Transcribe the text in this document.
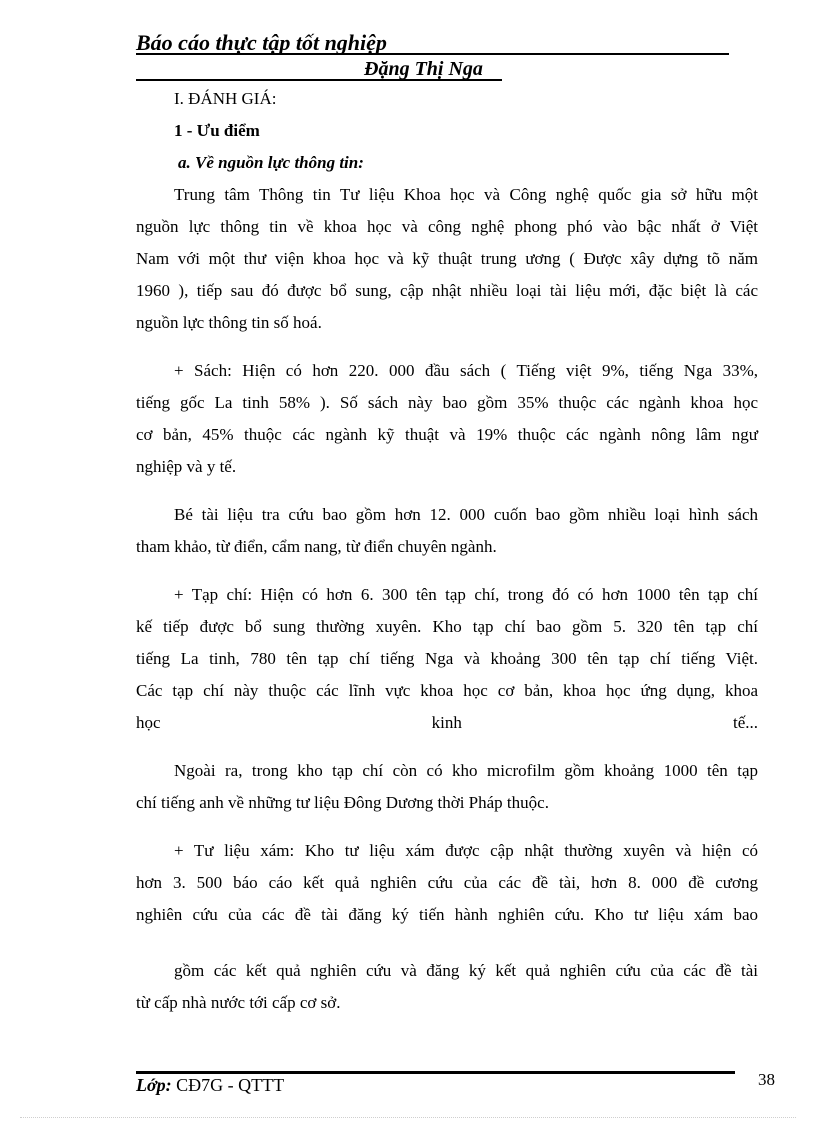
Báo cáo thực tập tốt nghiệp
Đặng Thị Nga
I. ĐÁNH GIÁ:
1 - Ưu điểm
a. Về nguồn lực thông tin:
Trung tâm Thông tin Tư liệu Khoa học và Công nghệ quốc gia sở hữu một
nguồn lực thông tin về khoa học và công nghệ phong phó vào bậc nhất ở Việt
Nam với một thư viện khoa học và kỹ thuật trung ương ( Được xây dựng tõ năm
1960 ), tiếp sau đó được bổ sung, cập nhật nhiều loại tài liệu mới, đặc biệt là các
nguồn lực thông tin số hoá.
+ Sách: Hiện có hơn 220. 000 đầu sách ( Tiếng việt 9%, tiếng Nga 33%,
tiếng gốc La tinh 58% ). Số sách này bao gồm 35% thuộc các ngành khoa học
cơ bản, 45% thuộc các ngành kỹ thuật và 19% thuộc các ngành nông lâm ngư
nghiệp và y tế.
Bé tài liệu tra cứu bao gồm hơn 12. 000 cuốn bao gồm nhiều loại hình sách
tham khảo, từ điển, cẩm nang, từ điển chuyên ngành.
+ Tạp chí: Hiện có hơn 6. 300 tên tạp chí, trong đó có hơn 1000 tên tạp chí
kế tiếp được bổ sung thường xuyên. Kho tạp chí bao gồm 5. 320 tên tạp chí
tiếng La tinh, 780 tên tạp chí tiếng Nga và khoảng 300 tên tạp chí tiếng Việt.
Các tạp chí này thuộc các lĩnh vực khoa học cơ bản, khoa học ứng dụng, khoa
học kinh tế...
Ngoài ra, trong kho tạp chí còn có kho microfilm gồm khoảng 1000 tên tạp
chí tiếng anh về những tư liệu Đông Dương thời Pháp thuộc.
+ Tư liệu xám: Kho tư liệu xám được cập nhật thường xuyên và hiện có
hơn 3. 500 báo cáo kết quả nghiên cứu của các đề tài, hơn 8. 000 đề cương
nghiên cứu của các đề tài đăng ký tiến hành nghiên cứu. Kho tư liệu xám bao
gồm các kết quả nghiên cứu và đăng ký kết quả nghiên cứu của các đề tài
từ cấp nhà nước tới cấp cơ sở.
Lớp: CĐ7G - QTTT	38
